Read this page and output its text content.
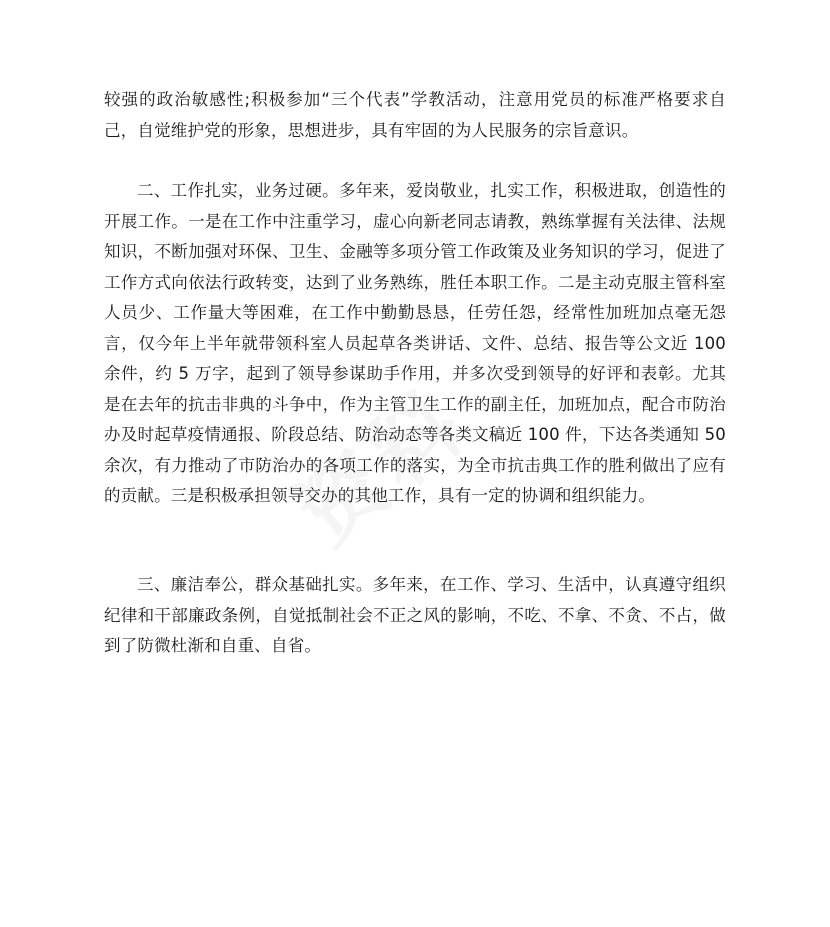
较强的政治敏感性;积极参加“三个代表”学教活动，注意用党员的标准严格要求自己，自觉维护党的形象，思想进步，具有牢固的为人民服务的宗旨意识。

二、工作扎实，业务过硬。多年来，爱岗敬业，扎实工作，积极进取，创造性的开展工作。一是在工作中注重学习，虚心向新老同志请教，熟练掌握有关法律、法规知识，不断加强对环保、卫生、金融等多项分管工作政策及业务知识的学习，促进了工作方式向依法行政转变，达到了业务熟练，胜任本职工作。二是主动克服主管科室人员少、工作量大等困难，在工作中勤勤恳恳，任劳任怨，经常性加班加点毫无怨言，仅今年上半年就带领科室人员起草各类讲话、文件、总结、报告等公文近 100 余件，约 5 万字，起到了领导参谋助手作用，并多次受到领导的好评和表彰。尤其是在去年的抗击非典的斗争中，作为主管卫生工作的副主任，加班加点，配合市防治办及时起草疫情通报、阶段总结、防治动态等各类文稿近 100 件，下达各类通知 50 余次，有力推动了市防治办的各项工作的落实，为全市抗击典工作的胜利做出了应有的贡献。三是积极承担领导交办的其他工作，具有一定的协调和组织能力。

三、廉洁奉公，群众基础扎实。多年来，在工作、学习、生活中，认真遵守组织纪律和干部廉政条例，自觉抵制社会不正之风的影响，不吃、不拿、不贪、不占，做到了防微杜渐和自重、自省。
